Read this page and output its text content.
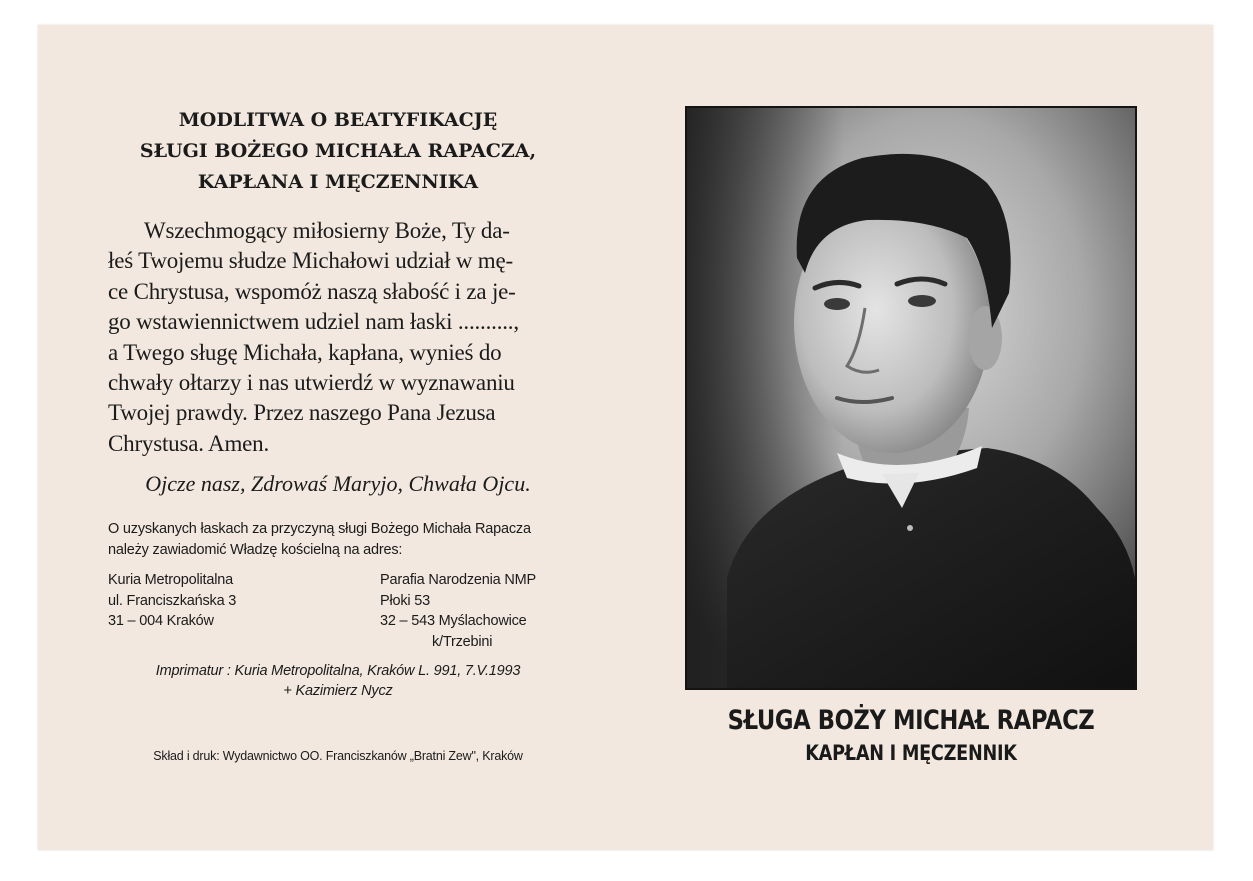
MODLITWA O BEATYFIKACJĘ
SŁUGI BOŻEGO MICHAŁA RAPACZA,
KAPŁANA I MĘCZENNIKA
Wszechmogący miłosierny Boże, Ty da-
łeś Twojemu słudze Michałowi udział w mę-
ce Chrystusa, wspomóż naszą słabość i za je-
go wstawiennictwem udziel nam łaski ..........,
a Twego sługę Michała, kapłana, wynieś do
chwały ołtarzy i nas utwierdź w wyznawaniu
Twojej prawdy. Przez naszego Pana Jezusa
Chrystusa. Amen.
Ojcze nasz, Zdrowaś Maryjo, Chwała Ojcu.
O uzyskanych łaskach za przyczyną sługi Bożego Michała Rapacza
należy zawiadomić Władzę kościelną na adres:
Kuria Metropolitalna
ul. Franciszkańska 3
31 – 004 Kraków
Parafia Narodzenia NMP
Płoki 53
32 – 543 Myślachowice
k/Trzebini
Imprimatur : Kuria Metropolitalna, Kraków L. 991, 7.V.1993
+ Kazimierz Nycz
Skład i druk: Wydawnictwo OO. Franciszkanów „Bratni Zew", Kraków
SŁUGA BOŻY MICHAŁ RAPACZ
KAPŁAN I MĘCZENNIK
